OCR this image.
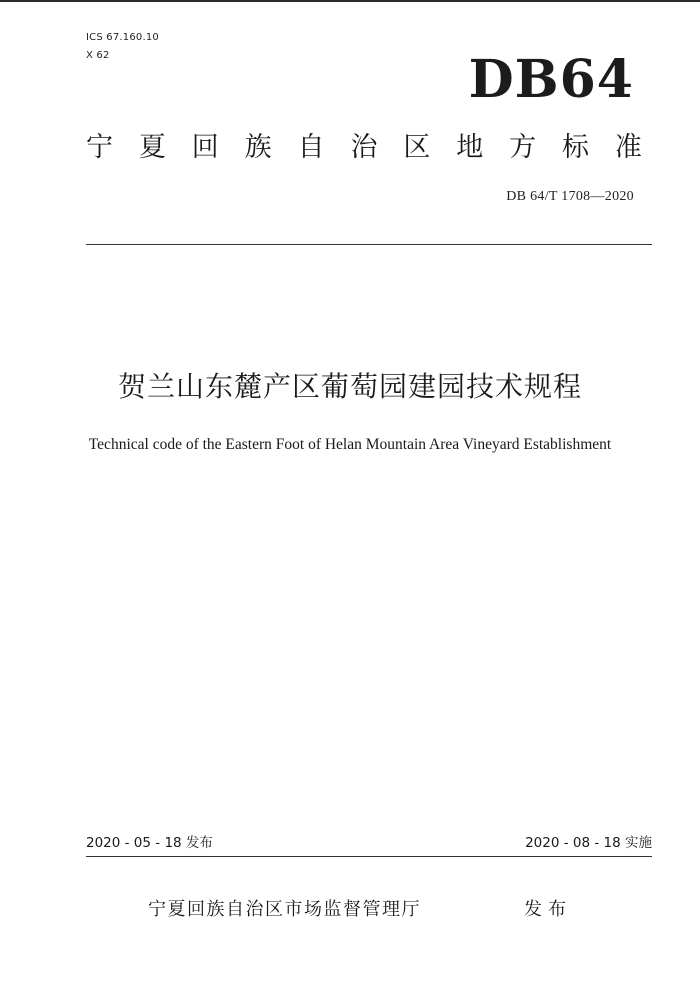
ICS 67.160.10
X 62	DB64
宁 夏 回 族 自 治 区 地 方 标 准
DB 64/T 1708—2020
贺兰山东麓产区葡萄园建园技术规程
Technical code of the Eastern Foot of Helan Mountain Area Vineyard Establishment
2020 - 05 - 18 发布	2020 - 08 - 18 实施
宁夏回族自治区市场监督管理厅	发布
